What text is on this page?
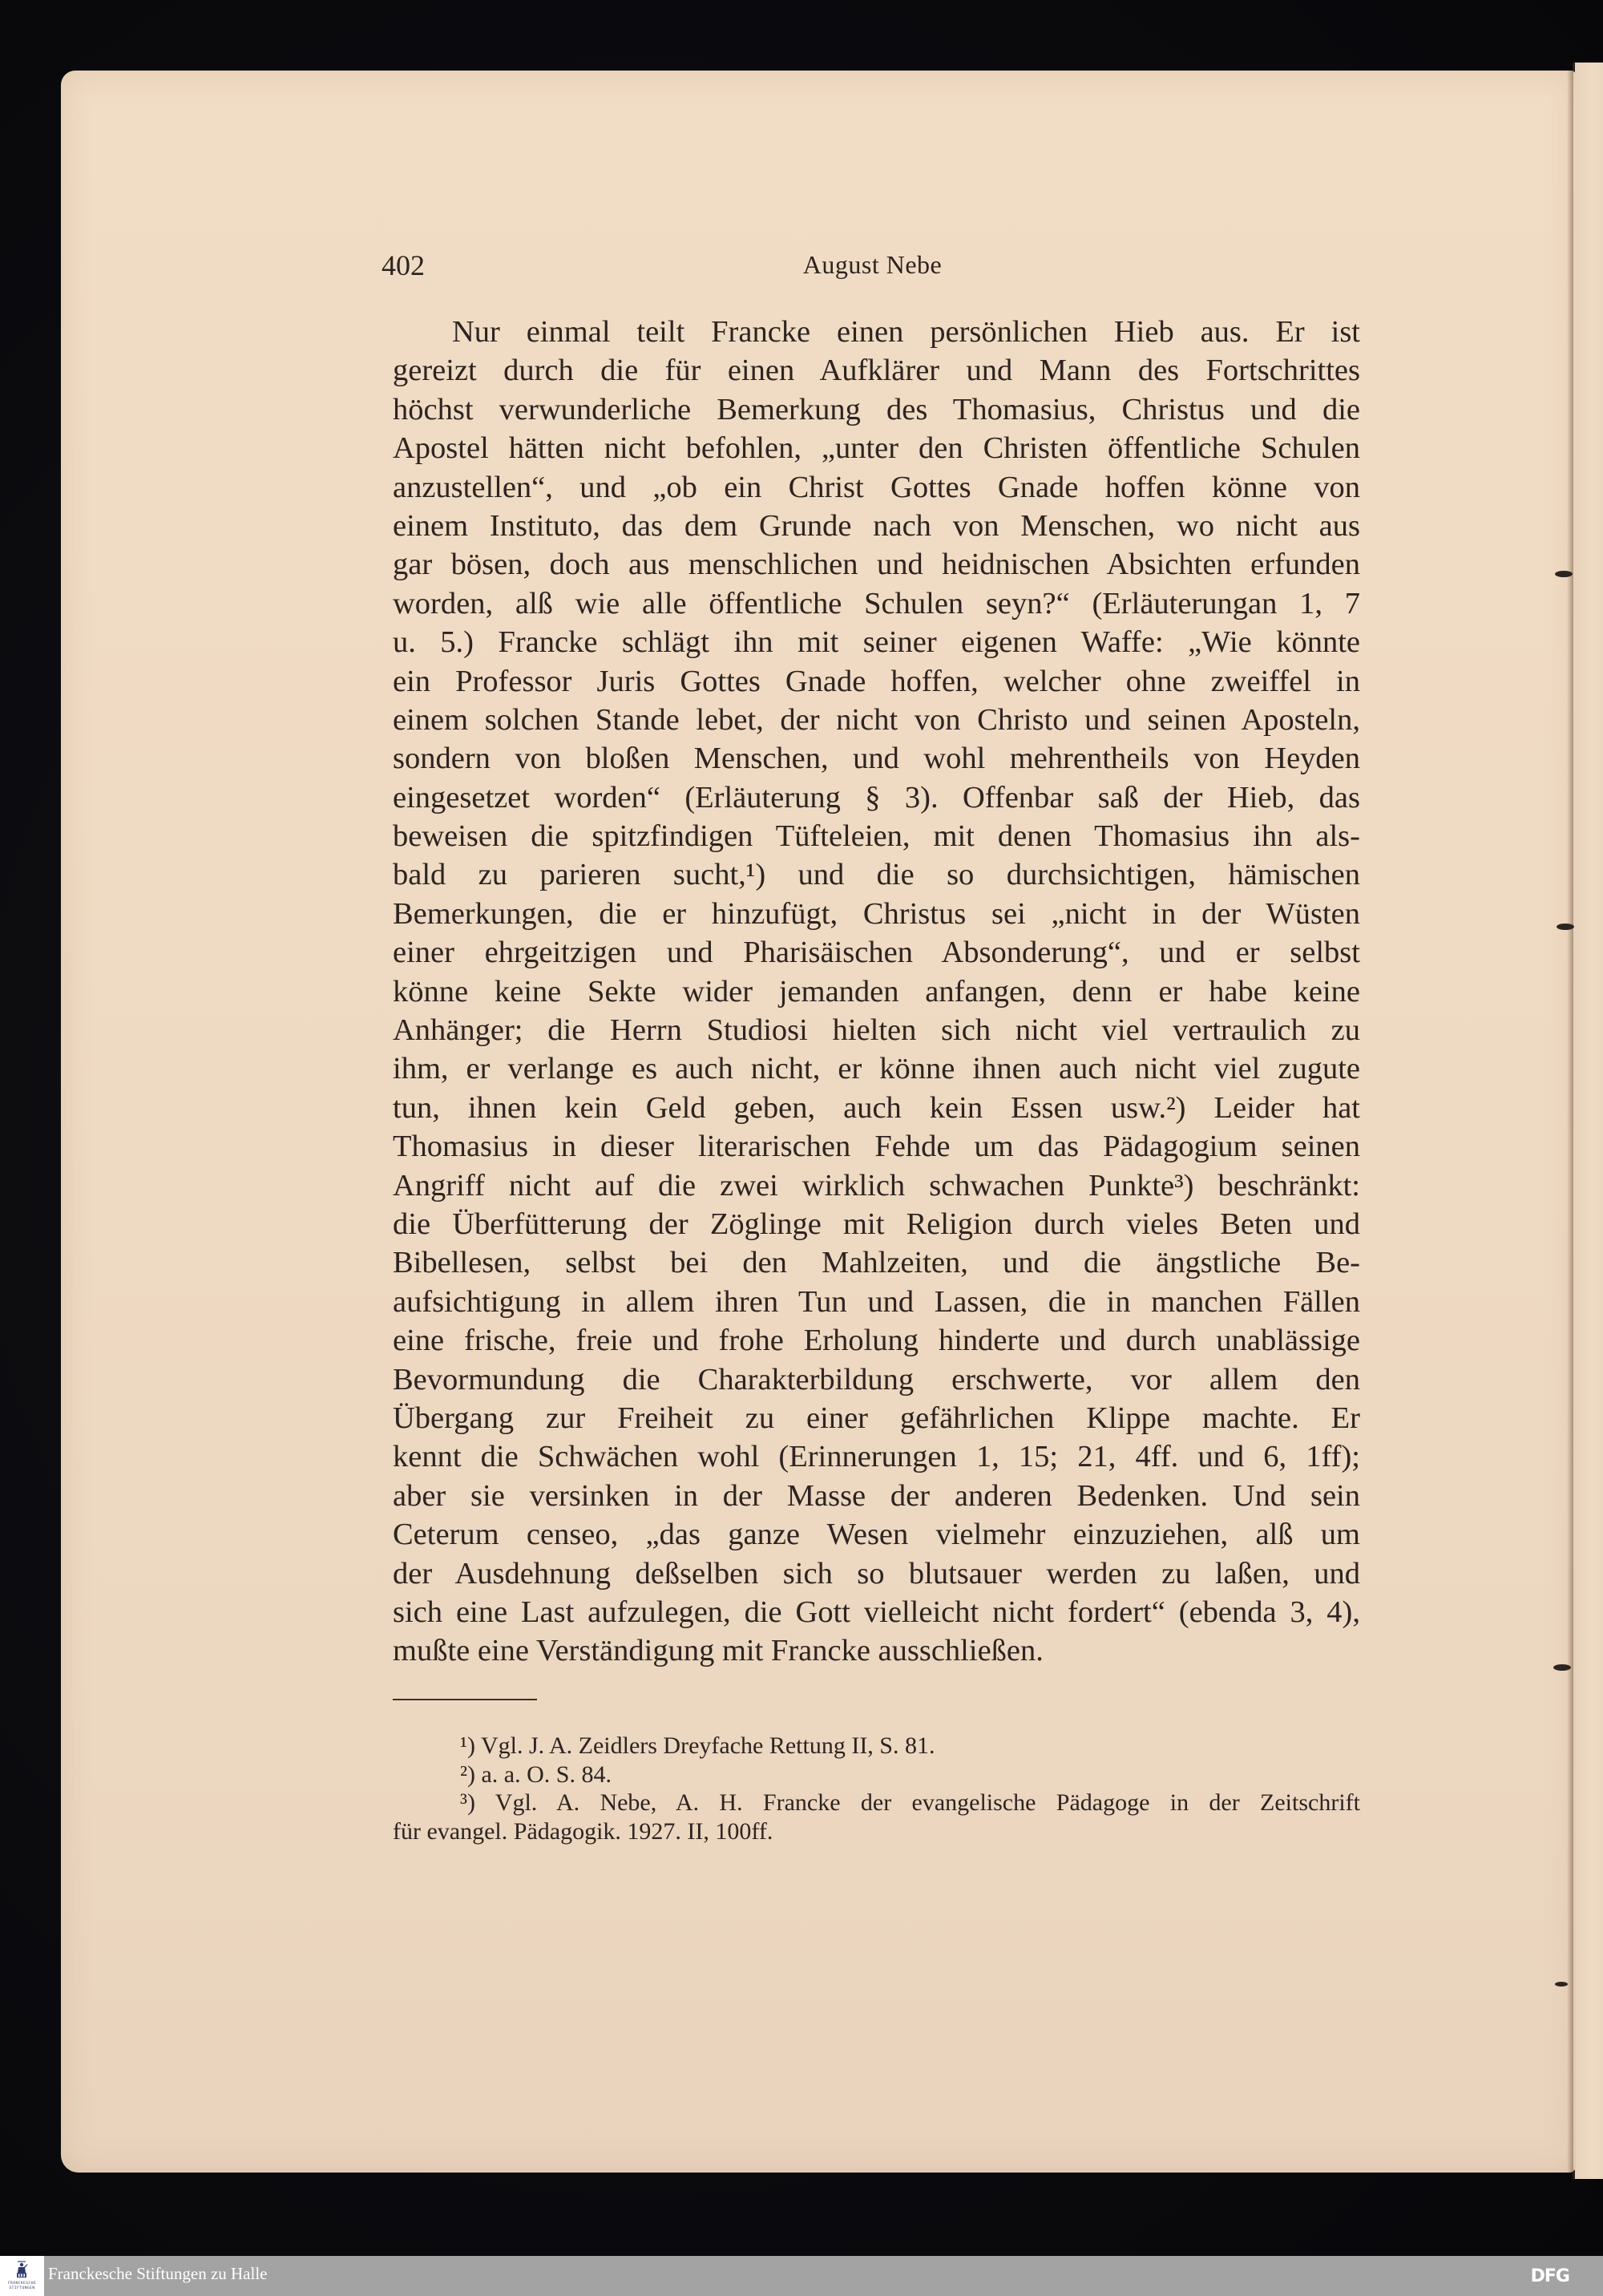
402	August Nebe
Nur einmal teilt Francke einen persönlichen Hieb aus. Er ist
gereizt durch die für einen Aufklärer und Mann des Fortschrittes
höchst verwunderliche Bemerkung des Thomasius, Christus und die
Apostel hätten nicht befohlen, „unter den Christen öffentliche Schulen
anzustellen“, und „ob ein Christ Gottes Gnade hoffen könne von
einem Instituto, das dem Grunde nach von Menschen, wo nicht aus
gar bösen, doch aus menschlichen und heidnischen Absichten erfunden
worden, alß wie alle öffentliche Schulen seyn?“ (Erläuterungan 1, 7
u. 5.) Francke schlägt ihn mit seiner eigenen Waffe: „Wie könnte
ein Professor Juris Gottes Gnade hoffen, welcher ohne zweiffel in
einem solchen Stande lebet, der nicht von Christo und seinen Aposteln,
sondern von bloßen Menschen, und wohl mehrentheils von Heyden
eingesetzet worden“ (Erläuterung § 3). Offenbar saß der Hieb, das
beweisen die spitzfindigen Tüfteleien, mit denen Thomasius ihn als-
bald zu parieren sucht,¹) und die so durchsichtigen, hämischen
Bemerkungen, die er hinzufügt, Christus sei „nicht in der Wüsten
einer ehrgeitzigen und Pharisäischen Absonderung“, und er selbst
könne keine Sekte wider jemanden anfangen, denn er habe keine
Anhänger; die Herrn Studiosi hielten sich nicht viel vertraulich zu
ihm, er verlange es auch nicht, er könne ihnen auch nicht viel zugute
tun, ihnen kein Geld geben, auch kein Essen usw.²) Leider hat
Thomasius in dieser literarischen Fehde um das Pädagogium seinen
Angriff nicht auf die zwei wirklich schwachen Punkte³) beschränkt:
die Überfütterung der Zöglinge mit Religion durch vieles Beten und
Bibellesen, selbst bei den Mahlzeiten, und die ängstliche Be-
aufsichtigung in allem ihren Tun und Lassen, die in manchen Fällen
eine frische, freie und frohe Erholung hinderte und durch unablässige
Bevormundung die Charakterbildung erschwerte, vor allem den
Übergang zur Freiheit zu einer gefährlichen Klippe machte. Er
kennt die Schwächen wohl (Erinnerungen 1, 15; 21, 4ff. und 6, 1ff);
aber sie versinken in der Masse der anderen Bedenken. Und sein
Ceterum censeo, „das ganze Wesen vielmehr einzuziehen, alß um
der Ausdehnung deßselben sich so blutsauer werden zu laßen, und
sich eine Last aufzulegen, die Gott vielleicht nicht fordert“ (ebenda 3, 4),
mußte eine Verständigung mit Francke ausschließen.
¹) Vgl. J. A. Zeidlers Dreyfache Rettung II, S. 81.
²) a. a. O. S. 84.
³) Vgl. A. Nebe, A. H. Francke der evangelische Pädagoge in der Zeitschrift
für evangel. Pädagogik. 1927. II, 100ff.
FRANCKESCHE
STIFTUNGEN
Franckesche Stiftungen zu Halle	DFG
